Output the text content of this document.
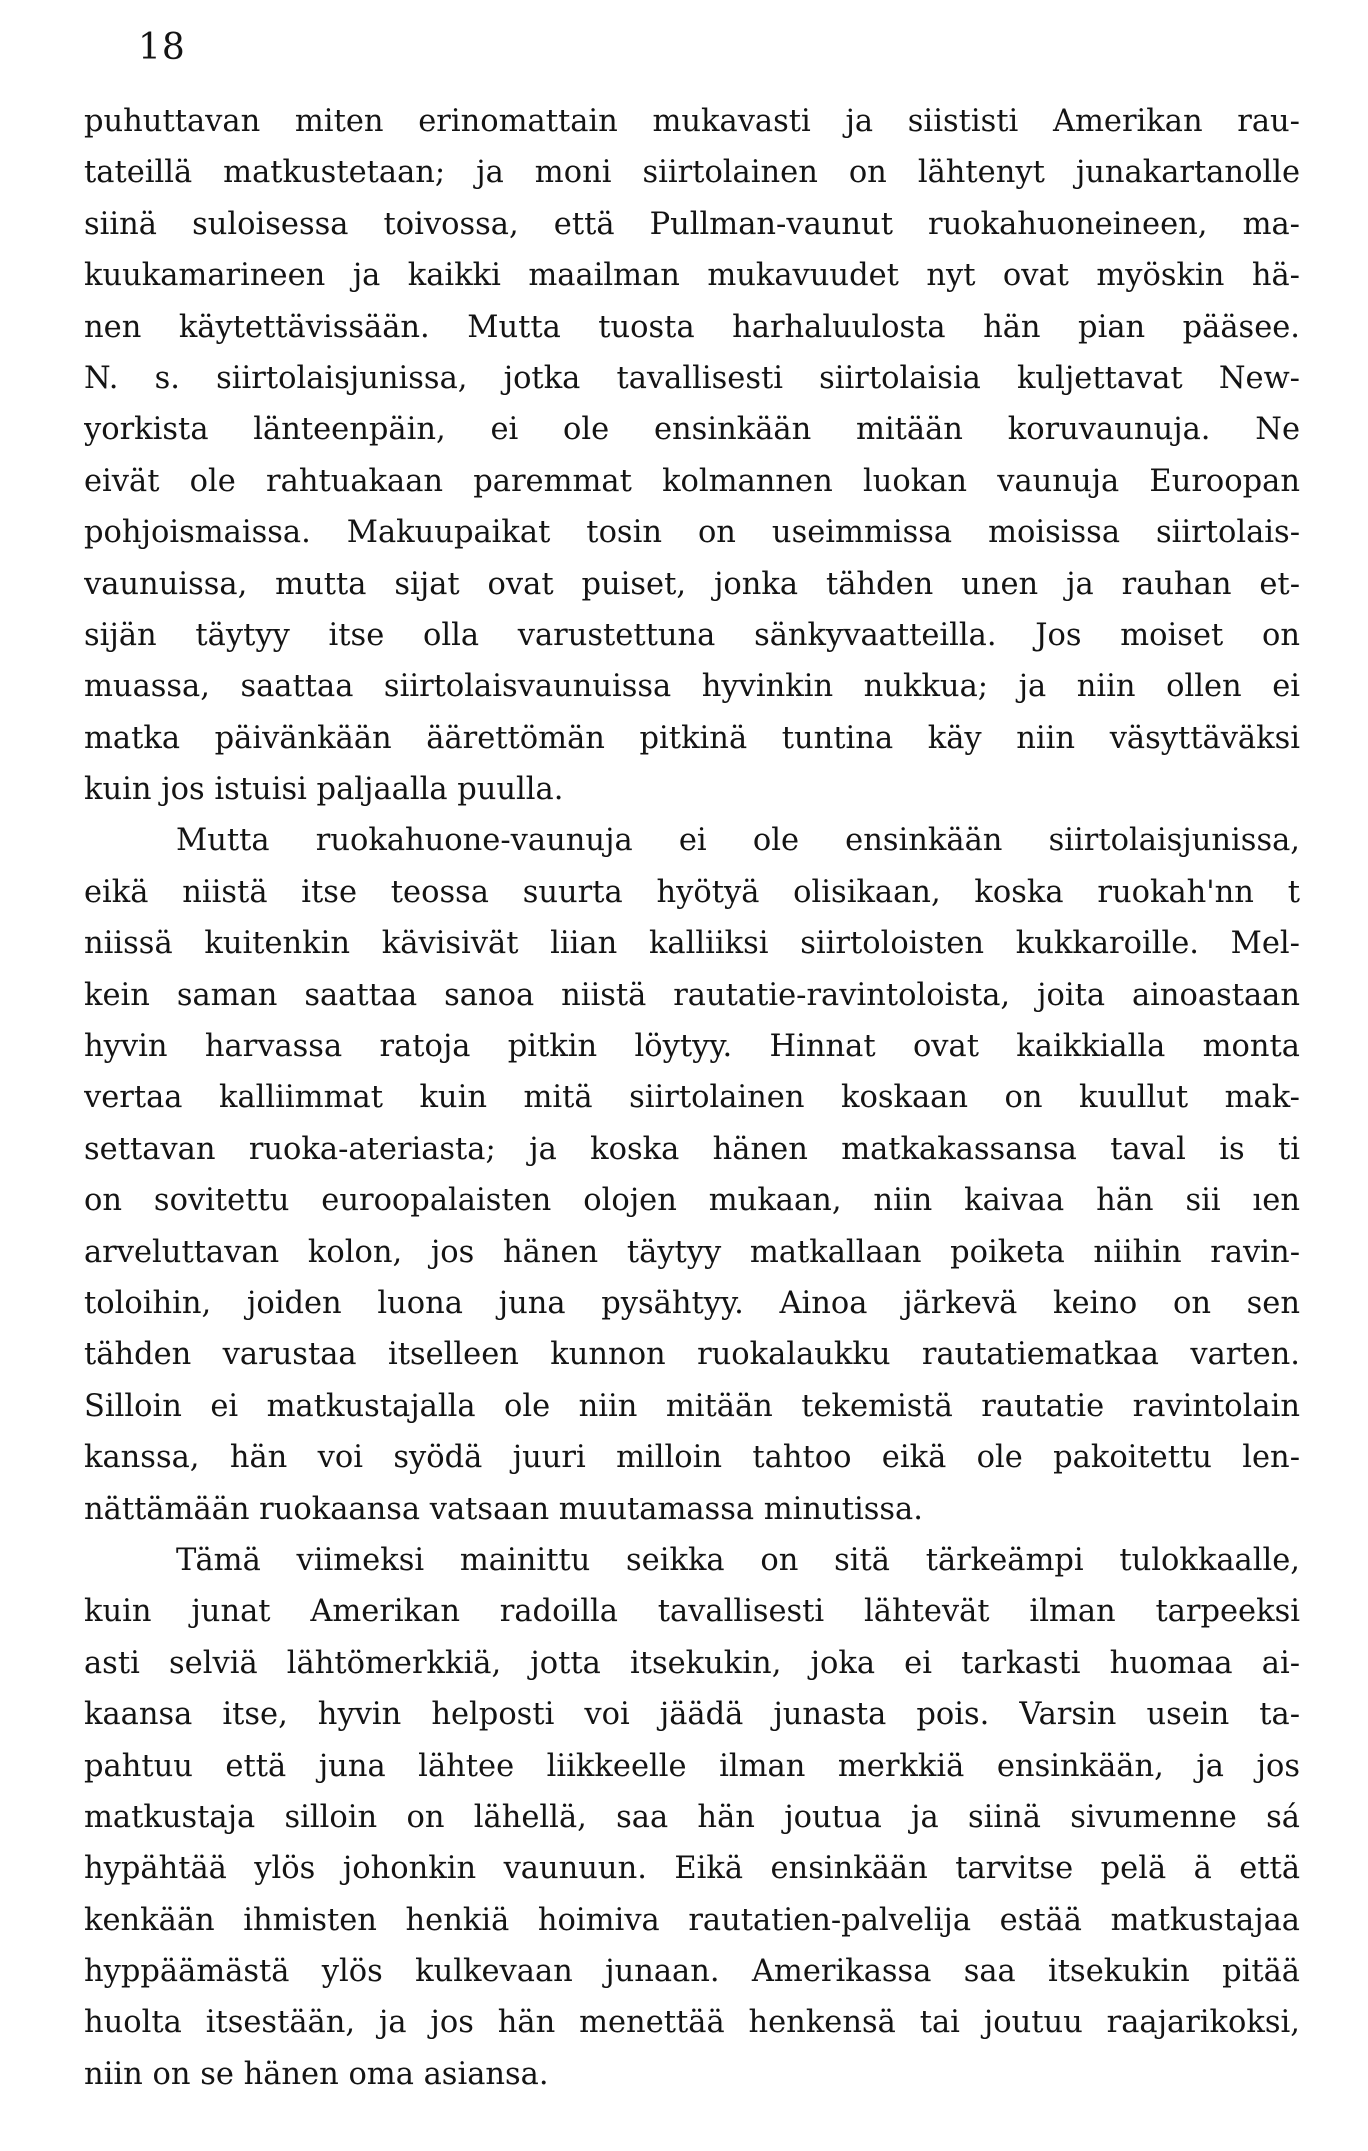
18
puhuttavan miten erinomattain mukavasti ja siististi Amerikan rau-
tateillä matkustetaan; ja moni siirtolainen on lähtenyt junakartanolle
siinä suloisessa toivossa, että Pullman-vaunut ruokahuoneineen, ma-
kuukamarineen ja kaikki maailman mukavuudet nyt ovat myöskin hä-
nen käytettävissään. Mutta tuosta harhaluulosta hän pian pääsee.
N. s. siirtolaisjunissa, jotka tavallisesti siirtolaisia kuljettavat New-
yorkista länteenpäin, ei ole ensinkään mitään koruvaunuja. Ne
eivät ole rahtuakaan paremmat kolmannen luokan vaunuja Euroopan
pohjoismaissa. Makuupaikat tosin on useimmissa moisissa siirtolais-
vaunuissa, mutta sijat ovat puiset, jonka tähden unen ja rauhan et-
sijän täytyy itse olla varustettuna sänkyvaatteilla. Jos moiset on
muassa, saattaa siirtolaisvaunuissa hyvinkin nukkua; ja niin ollen ei
matka päivänkään äärettömän pitkinä tuntina käy niin väsyttäväksi
kuin jos istuisi paljaalla puulla.
Mutta ruokahuone-vaunuja ei ole ensinkään siirtolaisjunissa,
eikä niistä itse teossa suurta hyötyä olisikaan, koska ruokah'nn t
niissä kuitenkin kävisivät liian kalliiksi siirtoloisten kukkaroille. Mel-
kein saman saattaa sanoa niistä rautatie-ravintoloista, joita ainoastaan
hyvin harvassa ratoja pitkin löytyy. Hinnat ovat kaikkialla monta
vertaa kalliimmat kuin mitä siirtolainen koskaan on kuullut mak-
settavan ruoka-ateriasta; ja koska hänen matkakassansa taval is ti
on sovitettu euroopalaisten olojen mukaan, niin kaivaa hän sii ıen
arveluttavan kolon, jos hänen täytyy matkallaan poiketa niihin ravin-
toloihin, joiden luona juna pysähtyy. Ainoa järkevä keino on sen
tähden varustaa itselleen kunnon ruokalaukku rautatiematkaa varten.
Silloin ei matkustajalla ole niin mitään tekemistä rautatie ravintolain
kanssa, hän voi syödä juuri milloin tahtoo eikä ole pakoitettu len-
nättämään ruokaansa vatsaan muutamassa minutissa.
Tämä viimeksi mainittu seikka on sitä tärkeämpi tulokkaalle,
kuin junat Amerikan radoilla tavallisesti lähtevät ilman tarpeeksi
asti selviä lähtömerkkiä, jotta itsekukin, joka ei tarkasti huomaa ai-
kaansa itse, hyvin helposti voi jäädä junasta pois. Varsin usein ta-
pahtuu että juna lähtee liikkeelle ilman merkkiä ensinkään, ja jos
matkustaja silloin on lähellä, saa hän joutua ja siinä sivumenne sá
hypähtää ylös johonkin vaunuun. Eikä ensinkään tarvitse pelä ä että
kenkään ihmisten henkiä hoimiva rautatien-palvelija estää matkustajaa
hyppäämästä ylös kulkevaan junaan. Amerikassa saa itsekukin pitää
huolta itsestään, ja jos hän menettää henkensä tai joutuu raajarikoksi,
niin on se hänen oma asiansa.
